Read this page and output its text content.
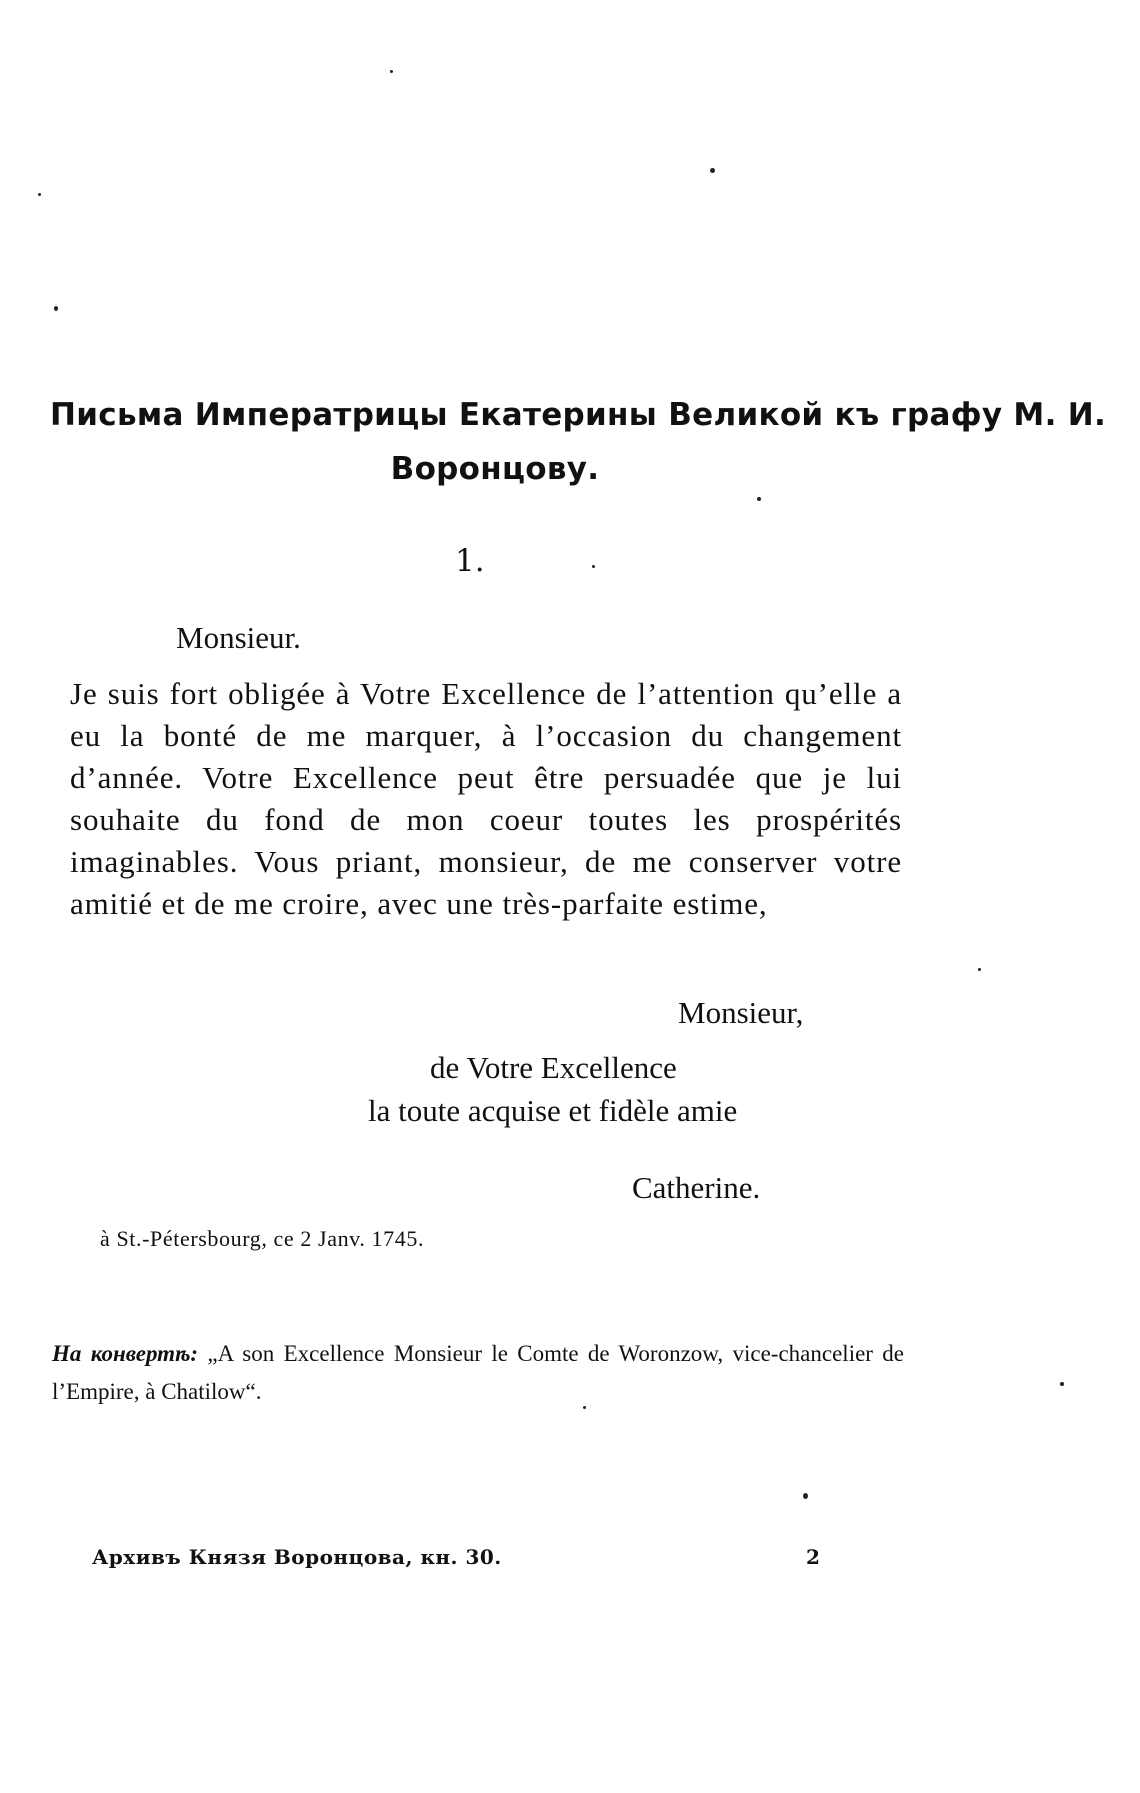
Письма Императрицы Екатерины Великой къ графу М. И.
Воронцову.
1.
Monsieur.
Je suis fort obligée à Votre Excellence de l’attention qu’elle a eu la bonté de me marquer, à l’occasion du changement d’année. Votre Excellence peut être persuadée que je lui souhaite du fond de mon coeur toutes les prospérités imaginables. Vous priant, monsieur, de me conserver votre amitié et de me croire, avec une très-parfaite estime,
Monsieur,
de Votre Excellence
la toute acquise et fidèle amie
Catherine.
à St.-Pétersbourg, ce 2 Janv. 1745.
На конвертѣ: „A son Excellence Monsieur le Comte de Woronzow, vice-chancelier de l’Empire, à Chatilow“.
Архивъ Князя Воронцова, кн. 30.	2
